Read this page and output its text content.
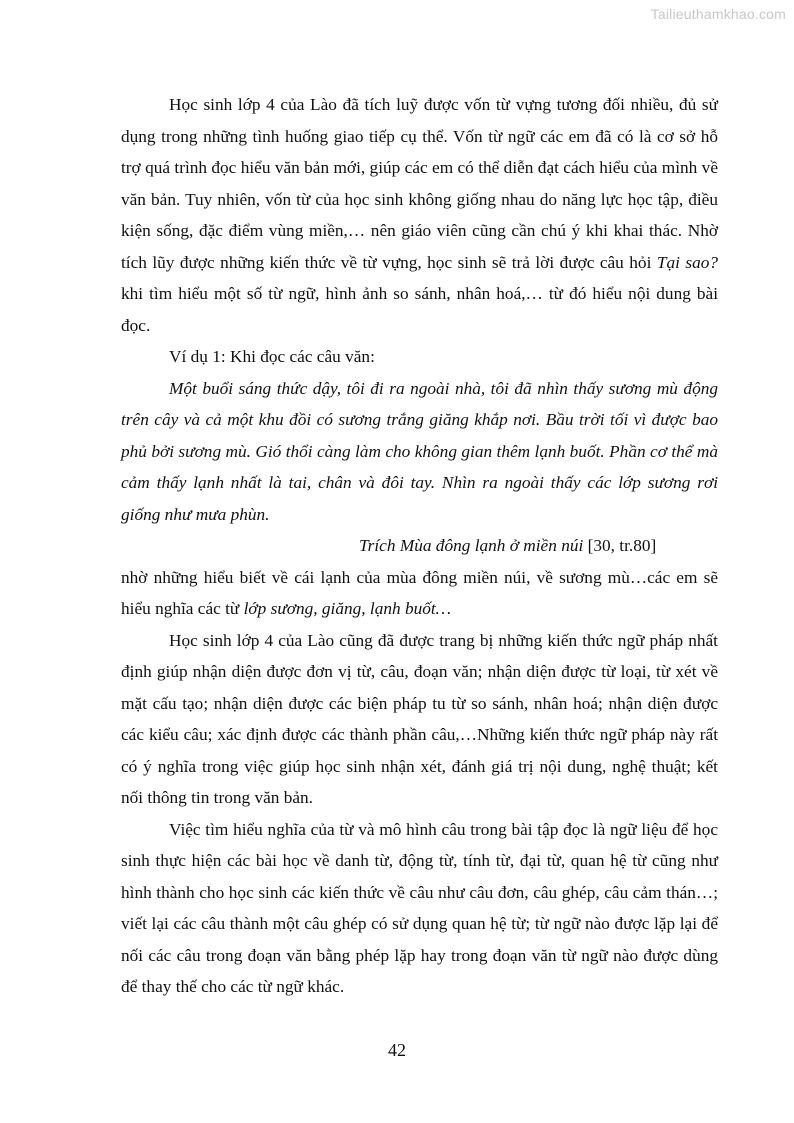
Tailieuthamkhao.com

Học sinh lớp 4 của Lào đã tích luỹ được vốn từ vựng tương đối nhiều, đủ sử dụng trong những tình huống giao tiếp cụ thể. Vốn từ ngữ các em đã có là cơ sở hỗ trợ quá trình đọc hiểu văn bản mới, giúp các em có thể diễn đạt cách hiểu của mình về văn bản. Tuy nhiên, vốn từ của học sinh không giống nhau do năng lực học tập, điều kiện sống, đặc điểm vùng miền,… nên giáo viên cũng cần chú ý khi khai thác. Nhờ tích lũy được những kiến thức về từ vựng, học sinh sẽ trả lời được câu hỏi Tại sao? khi tìm hiểu một số từ ngữ, hình ảnh so sánh, nhân hoá,… từ đó hiểu nội dung bài đọc.

Ví dụ 1: Khi đọc các câu văn:

Một buổi sáng thức dậy, tôi đi ra ngoài nhà, tôi đã nhìn thấy sương mù động trên cây và cả một khu đồi có sương trắng giăng khắp nơi. Bầu trời tối vì được bao phủ bởi sương mù. Gió thổi càng làm cho không gian thêm lạnh buốt. Phần cơ thể mà cảm thấy lạnh nhất là tai, chân và đôi tay. Nhìn ra ngoài thấy các lớp sương rơi giống như mưa phùn.

Trích Mùa đông lạnh ở miền núi [30, tr.80]

nhờ những hiểu biết về cái lạnh của mùa đông miền núi, về sương mù…các em sẽ hiểu nghĩa các từ lớp sương, giăng, lạnh buốt…

Học sinh lớp 4 của Lào cũng đã được trang bị những kiến thức ngữ pháp nhất định giúp nhận diện được đơn vị từ, câu, đoạn văn; nhận diện được từ loại, từ xét về mặt cấu tạo; nhận diện được các biện pháp tu từ so sánh, nhân hoá; nhận diện được các kiểu câu; xác định được các thành phần câu,…Những kiến thức ngữ pháp này rất có ý nghĩa trong việc giúp học sinh nhận xét, đánh giá trị nội dung, nghệ thuật; kết nối thông tin trong văn bản.

Việc tìm hiểu nghĩa của từ và mô hình câu trong bài tập đọc là ngữ liệu để học sinh thực hiện các bài học về danh từ, động từ, tính từ, đại từ, quan hệ từ cũng như hình thành cho học sinh các kiến thức về câu như câu đơn, câu ghép, câu cảm thán…; viết lại các câu thành một câu ghép có sử dụng quan hệ từ; từ ngữ nào được lặp lại để nối các câu trong đoạn văn bằng phép lặp hay trong đoạn văn từ ngữ nào được dùng để thay thế cho các từ ngữ khác.

42
